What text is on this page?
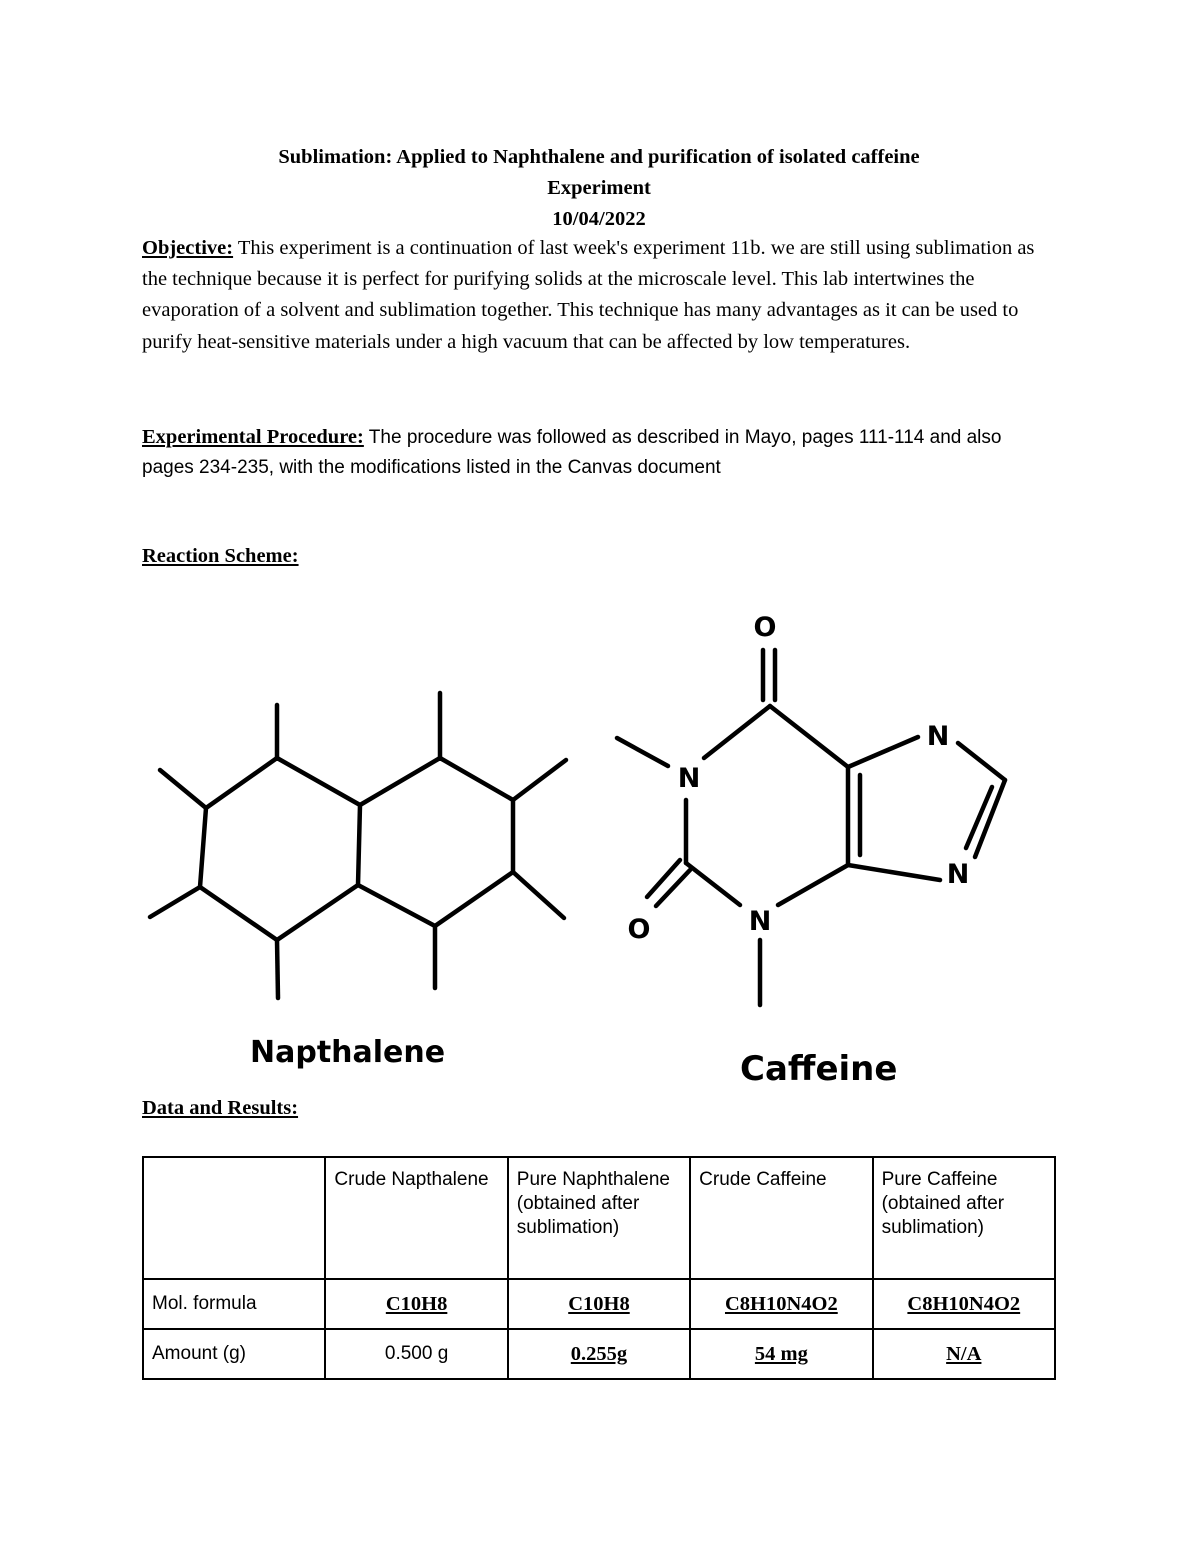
Sublimation: Applied to Naphthalene and purification of isolated caffeine
Experiment
10/04/2022
Objective: This experiment is a continuation of last week's experiment 11b. we are still using sublimation as the technique because it is perfect for purifying solids at the microscale level. This lab intertwines the evaporation of a solvent and sublimation together. This technique has many advantages as it can be used to purify heat-sensitive materials under a high vacuum that can be affected by low temperatures.
Experimental Procedure: The procedure was followed as described in Mayo, pages 111-114 and also pages 234-235, with the modifications listed in the Canvas document
Reaction Scheme:
O
O
N
N
N
N
Napthalene	Caffeine
Data and Results:
	Crude Napthalene	Pure Naphthalene (obtained after sublimation)	Crude Caffeine	Pure Caffeine (obtained after sublimation)
Mol. formula	C10H8	C10H8	C8H10N4O2	C8H10N4O2
Amount (g)	0.500 g	0.255g	54 mg	N/A
